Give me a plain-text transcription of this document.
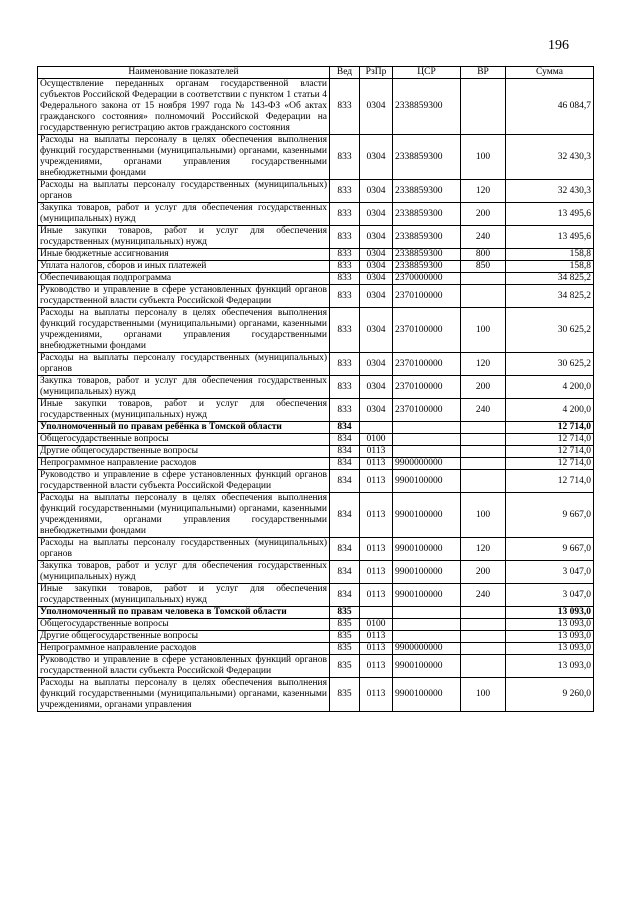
196
Наименование показателей	Вед	РзПр	ЦСР	ВР	Сумма
Осуществление переданных органам государственной власти субъектов Российской Федерации в соответствии с пунктом 1 статьи 4 Федерального закона от 15 ноября 1997 года № 143-ФЗ «Об актах гражданского состояния» полномочий Российской Федерации на государственную регистрацию актов гражданского состояния	833	0304	2338859300		46 084,7
Расходы на выплаты персоналу в целях обеспечения выполнения функций государственными (муниципальными) органами, казенными учреждениями, органами управления государственными внебюджетными фондами	833	0304	2338859300	100	32 430,3
Расходы на выплаты персоналу государственных (муниципальных) органов	833	0304	2338859300	120	32 430,3
Закупка товаров, работ и услуг для обеспечения государственных (муниципальных) нужд	833	0304	2338859300	200	13 495,6
Иные закупки товаров, работ и услуг для обеспечения государственных (муниципальных) нужд	833	0304	2338859300	240	13 495,6
Иные бюджетные ассигнования	833	0304	2338859300	800	158,8
Уплата налогов, сборов и иных платежей	833	0304	2338859300	850	158,8
Обеспечивающая подпрограмма	833	0304	2370000000		34 825,2
Руководство и управление в сфере установленных функций органов государственной власти субъекта Российской Федерации	833	0304	2370100000		34 825,2
Расходы на выплаты персоналу в целях обеспечения выполнения функций государственными (муниципальными) органами, казенными учреждениями, органами управления государственными внебюджетными фондами	833	0304	2370100000	100	30 625,2
Расходы на выплаты персоналу государственных (муниципальных) органов	833	0304	2370100000	120	30 625,2
Закупка товаров, работ и услуг для обеспечения государственных (муниципальных) нужд	833	0304	2370100000	200	4 200,0
Иные закупки товаров, работ и услуг для обеспечения государственных (муниципальных) нужд	833	0304	2370100000	240	4 200,0
Уполномоченный по правам ребёнка в Томской области	834				12 714,0
Общегосударственные вопросы	834	0100			12 714,0
Другие общегосударственные вопросы	834	0113			12 714,0
Непрограммное направление расходов	834	0113	9900000000		12 714,0
Руководство и управление в сфере установленных функций органов государственной власти субъекта Российской Федерации	834	0113	9900100000		12 714,0
Расходы на выплаты персоналу в целях обеспечения выполнения функций государственными (муниципальными) органами, казенными учреждениями, органами управления государственными внебюджетными фондами	834	0113	9900100000	100	9 667,0
Расходы на выплаты персоналу государственных (муниципальных) органов	834	0113	9900100000	120	9 667,0
Закупка товаров, работ и услуг для обеспечения государственных (муниципальных) нужд	834	0113	9900100000	200	3 047,0
Иные закупки товаров, работ и услуг для обеспечения государственных (муниципальных) нужд	834	0113	9900100000	240	3 047,0
Уполномоченный по правам человека в Томской области	835				13 093,0
Общегосударственные вопросы	835	0100			13 093,0
Другие общегосударственные вопросы	835	0113			13 093,0
Непрограммное направление расходов	835	0113	9900000000		13 093,0
Руководство и управление в сфере установленных функций органов государственной власти субъекта Российской Федерации	835	0113	9900100000		13 093,0
Расходы на выплаты персоналу в целях обеспечения выполнения функций государственными (муниципальными) органами, казенными учреждениями, органами управления	835	0113	9900100000	100	9 260,0
